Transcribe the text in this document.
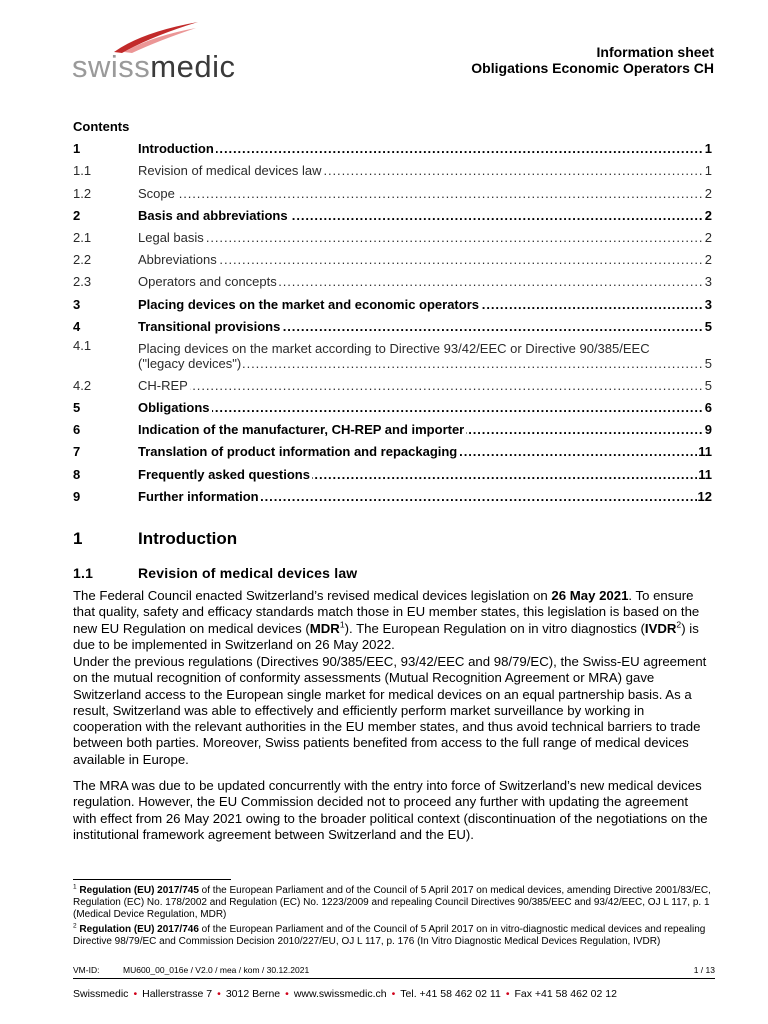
swissmedic	Information sheet
Obligations Economic Operators CH
Contents
1	Introduction . . .	1
1.1	Revision of medical devices law . . .	1
1.2	Scope . . .	2
2	Basis and abbreviations . . .	2
2.1	Legal basis . . .	2
2.2	Abbreviations . . .	2
2.3	Operators and concepts . . .	3
3	Placing devices on the market and economic operators . . .	3
4	Transitional provisions . . .	5
4.1	Placing devices on the market according to Directive 93/42/EEC or Directive 90/385/EEC
("legacy devices") . . .	5
4.2	CH-REP . . .	5
5	Obligations . . .	6
6	Indication of the manufacturer, CH-REP and importer . . .	9
7	Translation of product information and repackaging . . .	11
8	Frequently asked questions . . .	11
9	Further information . . .	12
1	Introduction
1.1	Revision of medical devices law
The Federal Council enacted Switzerland’s revised medical devices legislation on 26 May 2021. To ensure that quality, safety and efficacy standards match those in EU member states, this legislation is based on the new EU Regulation on medical devices (MDR$^1$). The European Regulation on in vitro diagnostics (IVDR$^2$) is due to be implemented in Switzerland on 26 May 2022.
Under the previous regulations (Directives 90/385/EEC, 93/42/EEC and 98/79/EC), the Swiss-EU agreement on the mutual recognition of conformity assessments (Mutual Recognition Agreement or MRA) gave Switzerland access to the European single market for medical devices on an equal partnership basis. As a result, Switzerland was able to effectively and efficiently perform market surveillance by working in cooperation with the relevant authorities in the EU member states, and thus avoid technical barriers to trade between both parties. Moreover, Swiss patients benefited from access to the full range of medical devices available in Europe.
The MRA was due to be updated concurrently with the entry into force of Switzerland’s new medical devices regulation. However, the EU Commission decided not to proceed any further with updating the agreement with effect from 26 May 2021 owing to the broader political context (discontinuation of the negotiations on the institutional framework agreement between Switzerland and the EU).
$^1$ Regulation (EU) 2017/745 of the European Parliament and of the Council of 5 April 2017 on medical devices, amending Directive 2001/83/EC, Regulation (EC) No. 178/2002 and Regulation (EC) No. 1223/2009 and repealing Council Directives 90/385/EEC and 93/42/EEC, OJ L 117, p. 1 (Medical Device Regulation, MDR)
$^2$ Regulation (EU) 2017/746 of the European Parliament and of the Council of 5 April 2017 on in vitro-diagnostic medical devices and repealing Directive 98/79/EC and Commission Decision 2010/227/EU, OJ L 117, p. 176 (In Vitro Diagnostic Medical Devices Regulation, IVDR)
VM-ID:	MU600_00_016e / V2.0 / mea / kom / 30.12.2021	1 / 13
Swissmedic • Hallerstrasse 7 • 3012 Berne • www.swissmedic.ch • Tel. +41 58 462 02 11 • Fax +41 58 462 02 12
